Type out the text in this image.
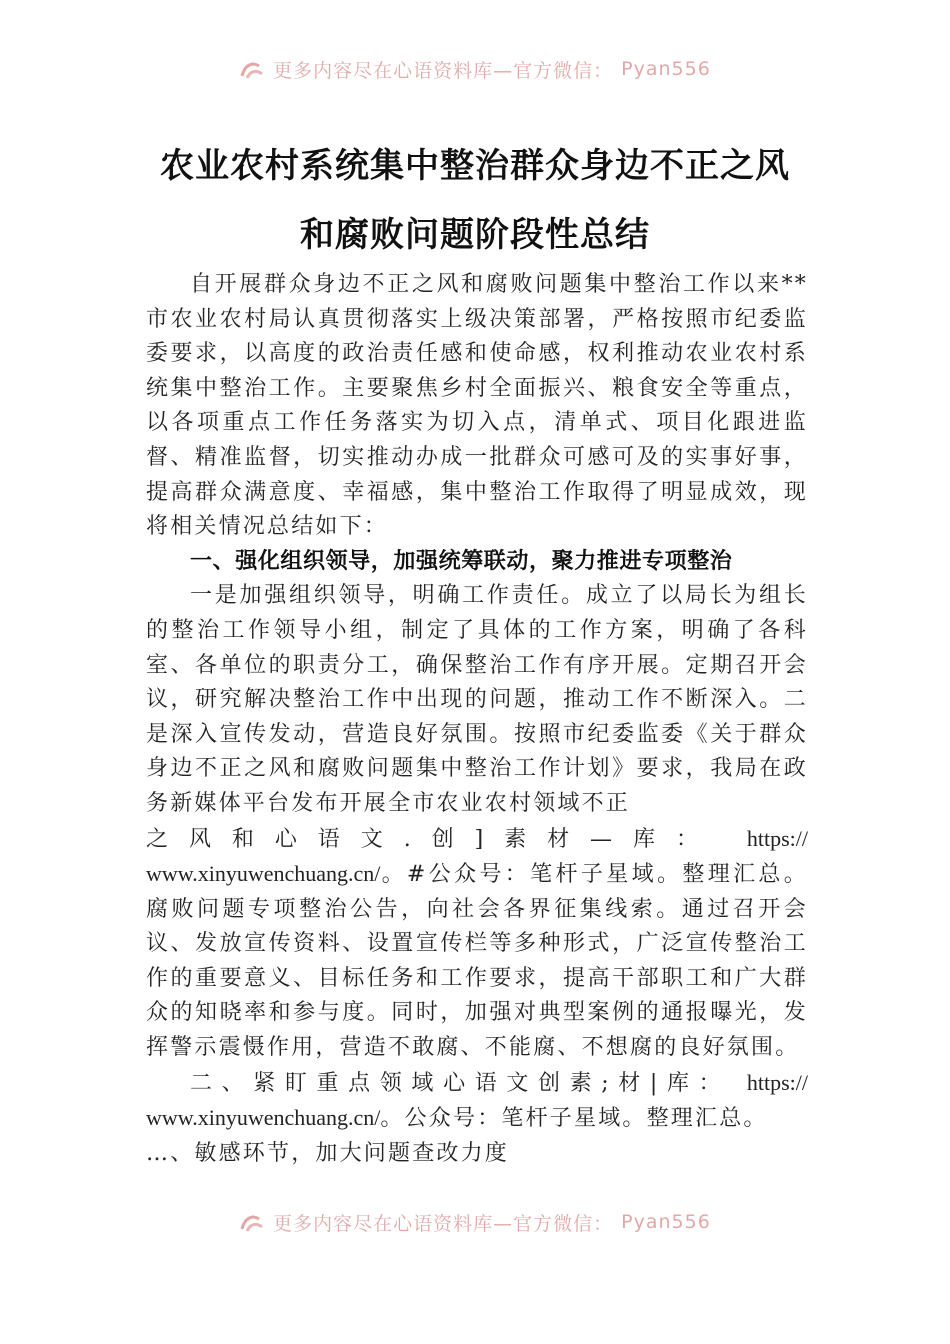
更多内容尽在心语资料库—官方微信： Pyan556
农业农村系统集中整治群众身边不正之风
和腐败问题阶段性总结

自开展群众身边不正之风和腐败问题集中整治工作以来**市农业农村局认真贯彻落实上级决策部署，严格按照市纪委监委要求，以高度的政治责任感和使命感，权利推动农业农村系统集中整治工作。主要聚焦乡村全面振兴、粮食安全等重点，以各项重点工作任务落实为切入点，清单式、项目化跟进监督、精准监督，切实推动办成一批群众可感可及的实事好事，提高群众满意度、幸福感，集中整治工作取得了明显成效，现将相关情况总结如下：

一、强化组织领导，加强统筹联动，聚力推进专项整治

一是加强组织领导，明确工作责任。成立了以局长为组长的整治工作领导小组，制定了具体的工作方案，明确了各科室、各单位的职责分工，确保整治工作有序开展。定期召开会议，研究解决整治工作中出现的问题，推动工作不断深入。二是深入宣传发动，营造良好氛围。按照市纪委监委《关于群众身边不正之风和腐败问题集中整治工作计划》要求，我局在政务新媒体平台发布开展全市农业农村领域不正
之风和心语文.创]素材—库： https://
www.xinyuwenchuang.cn/。#公众号：笔杆子星域。整理汇总。腐败问题专项整治公告，向社会各界征集线索。通过召开会议、发放宣传资料、设置宣传栏等多种形式，广泛宣传整治工作的重要意义、目标任务和工作要求，提高干部职工和广大群众的知晓率和参与度。同时，加强对典型案例的通报曝光，发挥警示震慑作用，营造不敢腐、不能腐、不想腐的良好氛围。

二、紧盯重点领域心语文创素;材|库： https://
www.xinyuwenchuang.cn/。公众号：笔杆子星域。整理汇总。
…、敏感环节，加大问题查改力度

更多内容尽在心语资料库—官方微信： Pyan556
